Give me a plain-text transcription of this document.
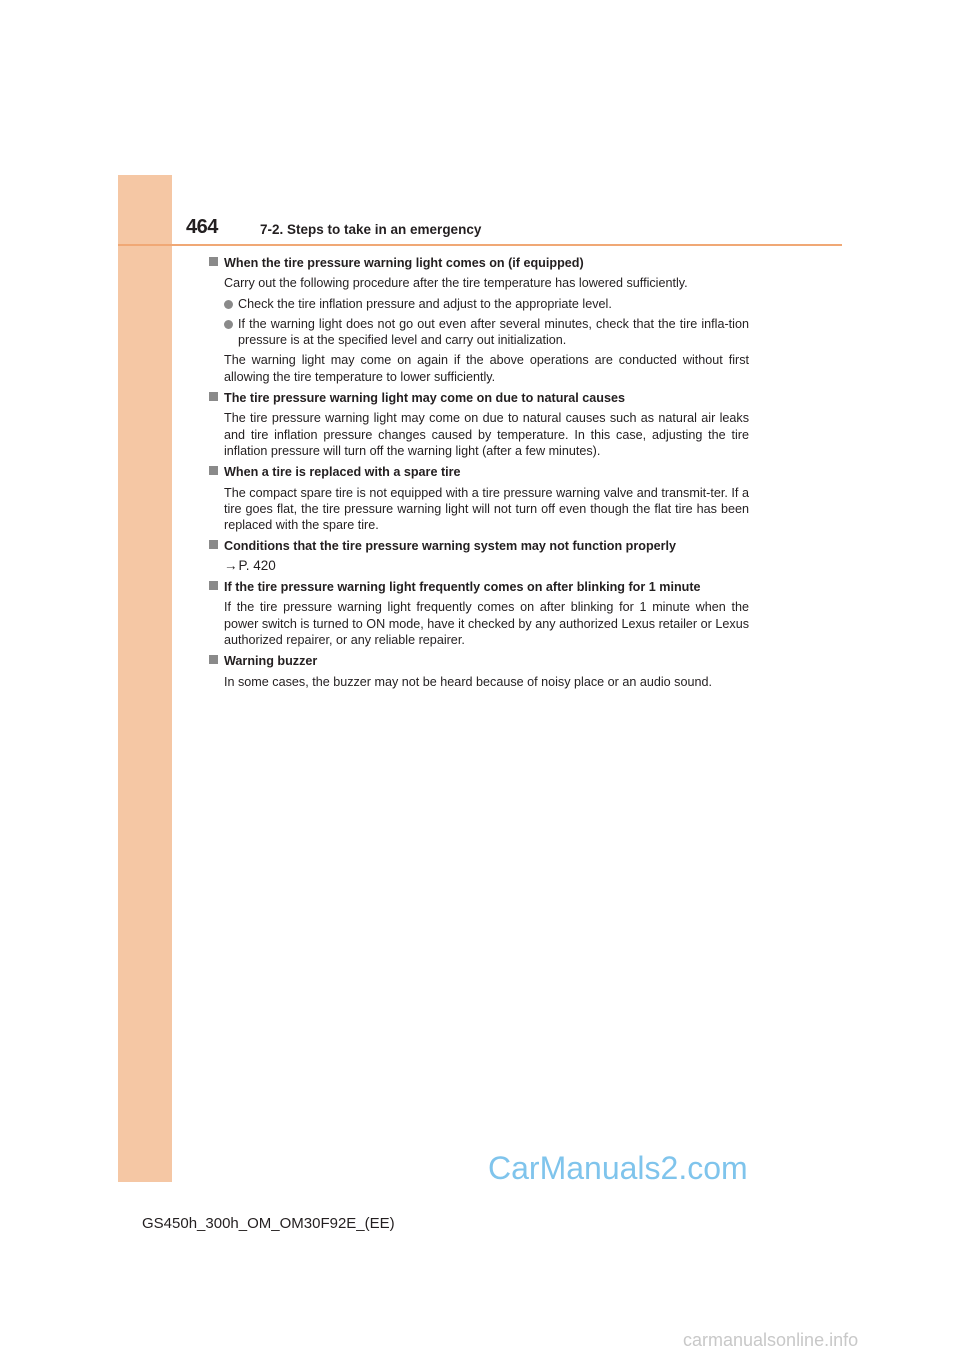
464	7-2. Steps to take in an emergency
When the tire pressure warning light comes on (if equipped)
Carry out the following procedure after the tire temperature has lowered sufficiently.
Check the tire inflation pressure and adjust to the appropriate level.
If the warning light does not go out even after several minutes, check that the tire infla-tion pressure is at the specified level and carry out initialization.
The warning light may come on again if the above operations are conducted without first allowing the tire temperature to lower sufficiently.
The tire pressure warning light may come on due to natural causes
The tire pressure warning light may come on due to natural causes such as natural air leaks and tire inflation pressure changes caused by temperature. In this case, adjusting the tire inflation pressure will turn off the warning light (after a few minutes).
When a tire is replaced with a spare tire
The compact spare tire is not equipped with a tire pressure warning valve and transmit-ter. If a tire goes flat, the tire pressure warning light will not turn off even though the flat tire has been replaced with the spare tire.
Conditions that the tire pressure warning system may not function properly
→P. 420
If the tire pressure warning light frequently comes on after blinking for 1 minute
If the tire pressure warning light frequently comes on after blinking for 1 minute when the power switch is turned to ON mode, have it checked by any authorized Lexus retailer or Lexus authorized repairer, or any reliable repairer.
Warning buzzer
In some cases, the buzzer may not be heard because of noisy place or an audio sound.
CarManuals2.com
GS450h_300h_OM_OM30F92E_(EE)
carmanualsonline.info
